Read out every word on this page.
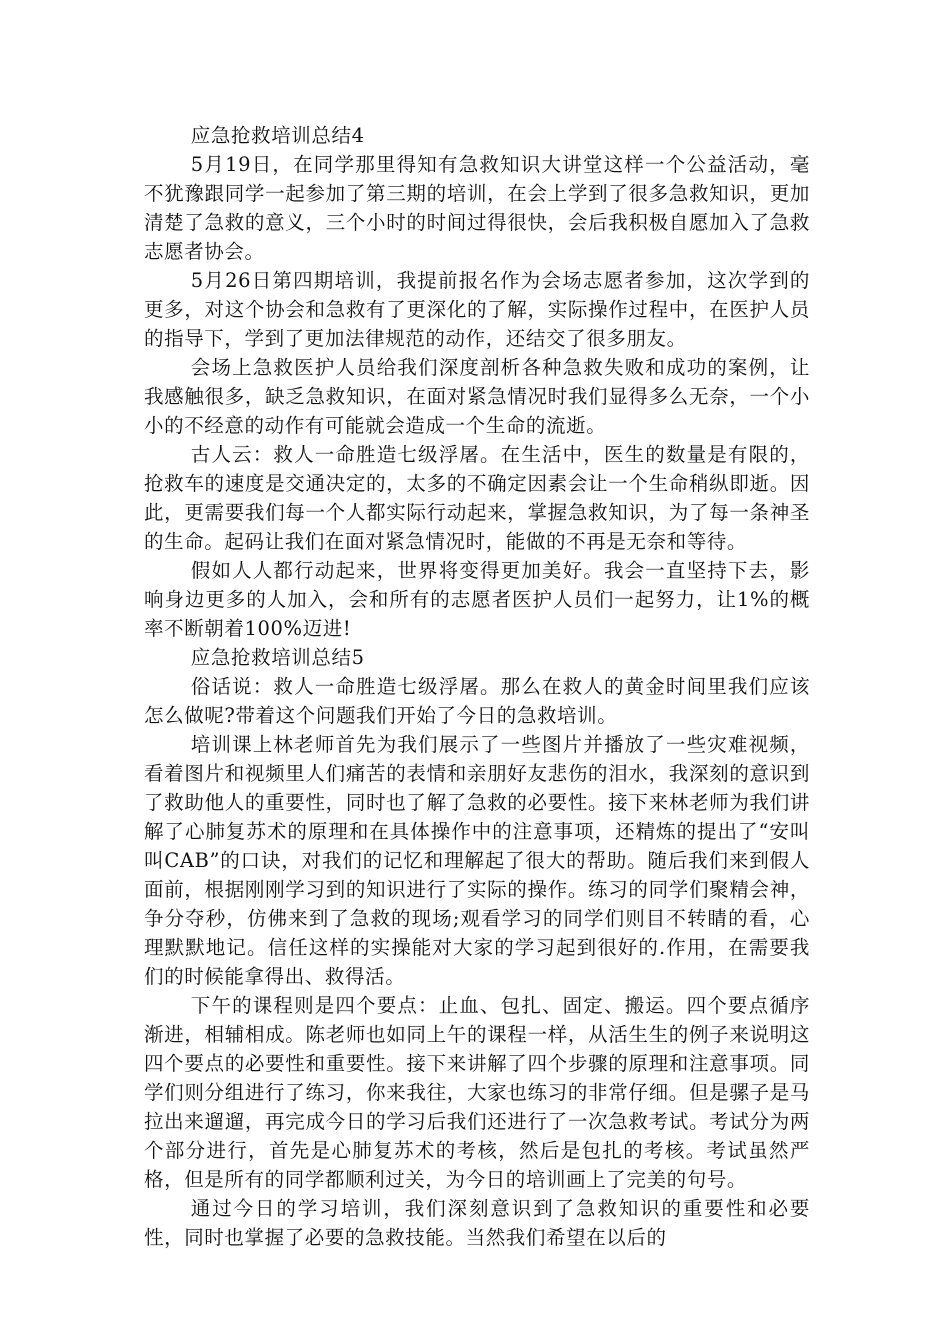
应急抢救培训总结4

5月19日，在同学那里得知有急救知识大讲堂这样一个公益活动，毫不犹豫跟同学一起参加了第三期的培训，在会上学到了很多急救知识，更加清楚了急救的意义，三个小时的时间过得很快，会后我积极自愿加入了急救志愿者协会。

5月26日第四期培训，我提前报名作为会场志愿者参加，这次学到的更多，对这个协会和急救有了更深化的了解，实际操作过程中，在医护人员的指导下，学到了更加法律规范的动作，还结交了很多朋友。

会场上急救医护人员给我们深度剖析各种急救失败和成功的案例，让我感触很多，缺乏急救知识，在面对紧急情况时我们显得多么无奈，一个小小的不经意的动作有可能就会造成一个生命的流逝。

古人云：救人一命胜造七级浮屠。在生活中，医生的数量是有限的，抢救车的速度是交通决定的，太多的不确定因素会让一个生命稍纵即逝。因此，更需要我们每一个人都实际行动起来，掌握急救知识，为了每一条神圣的生命。起码让我们在面对紧急情况时，能做的不再是无奈和等待。

假如人人都行动起来，世界将变得更加美好。我会一直坚持下去，影响身边更多的人加入，会和所有的志愿者医护人员们一起努力，让1%的概率不断朝着100%迈进!

应急抢救培训总结5

俗话说：救人一命胜造七级浮屠。那么在救人的黄金时间里我们应该怎么做呢?带着这个问题我们开始了今日的急救培训。

培训课上林老师首先为我们展示了一些图片并播放了一些灾难视频，看着图片和视频里人们痛苦的表情和亲朋好友悲伤的泪水，我深刻的意识到了救助他人的重要性，同时也了解了急救的必要性。接下来林老师为我们讲解了心肺复苏术的原理和在具体操作中的注意事项，还精炼的提出了“安叫叫CAB”的口诀，对我们的记忆和理解起了很大的帮助。随后我们来到假人面前，根据刚刚学习到的知识进行了实际的操作。练习的同学们聚精会神，争分夺秒，仿佛来到了急救的现场;观看学习的同学们则目不转睛的看，心理默默地记。信任这样的实操能对大家的学习起到很好的.作用，在需要我们的时候能拿得出、救得活。

下午的课程则是四个要点：止血、包扎、固定、搬运。四个要点循序渐进，相辅相成。陈老师也如同上午的课程一样，从活生生的例子来说明这四个要点的必要性和重要性。接下来讲解了四个步骤的原理和注意事项。同学们则分组进行了练习，你来我往，大家也练习的非常仔细。但是骡子是马拉出来遛遛，再完成今日的学习后我们还进行了一次急救考试。考试分为两个部分进行，首先是心肺复苏术的考核，然后是包扎的考核。考试虽然严格，但是所有的同学都顺利过关，为今日的培训画上了完美的句号。

通过今日的学习培训，我们深刻意识到了急救知识的重要性和必要性，同时也掌握了必要的急救技能。当然我们希望在以后的
